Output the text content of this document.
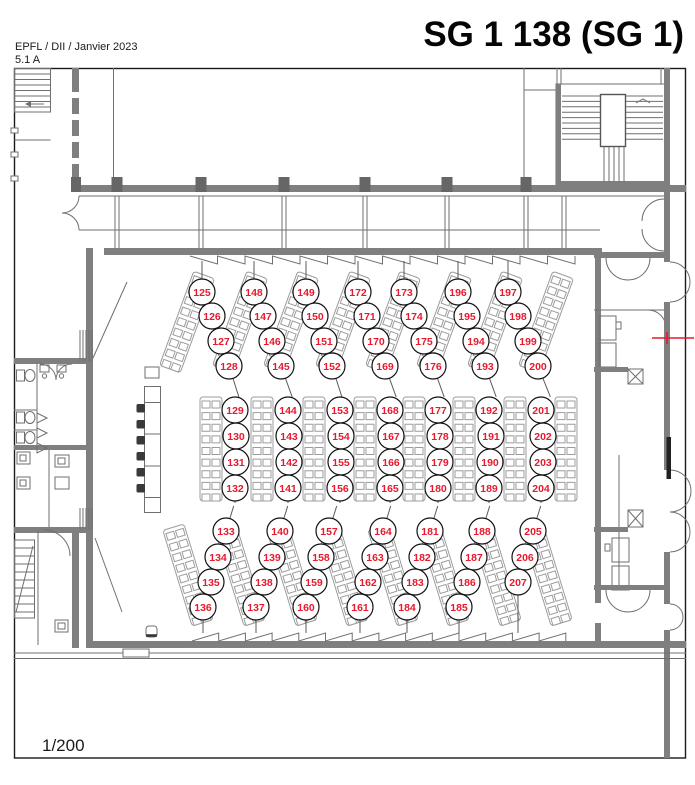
SG 1 138 (SG 1)
EPFL / DII / Janvier 2023
5.1 A
1/200
125
126
127
128
148
147
146
145
149
150
151
152
172
171
170
169
173
174
175
176
196
195
194
193
197
198
199
200
129
130
131
132
144
143
142
141
153
154
155
156
168
167
166
165
177
178
179
180
192
191
190
189
201
202
203
204
133
134
135
136
140
139
138
137
157
158
159
160
164
163
162
161
181
182
183
184
188
187
186
185
205
206
207
